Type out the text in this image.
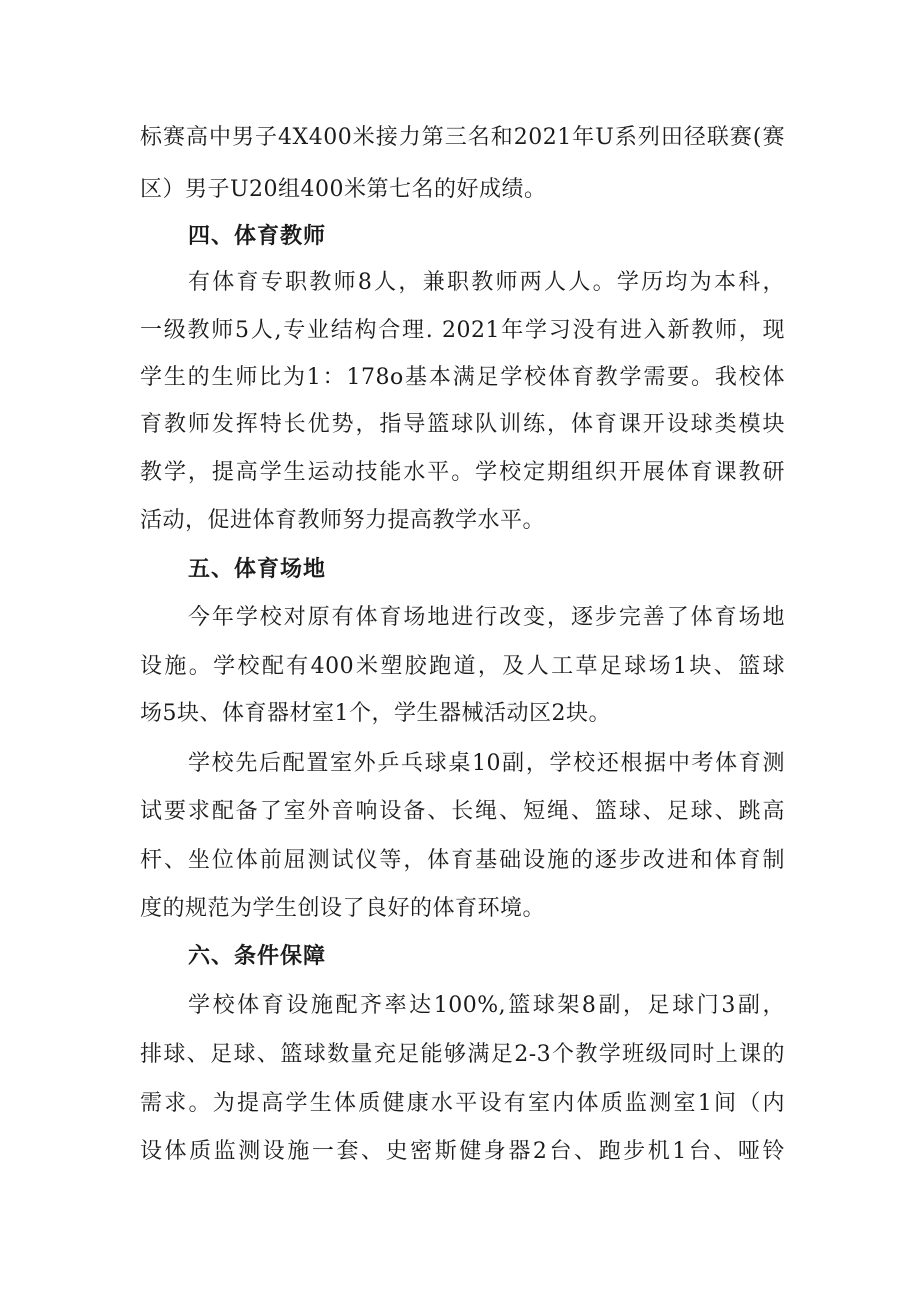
标赛高中男子4X400米接力第三名和2021年U系列田径联赛(赛
区）男子U20组400米第七名的好成绩。
四、体育教师
有体育专职教师8人，兼职教师两人人。学历均为本科，
一级教师5人,专业结构合理. 2021年学习没有进入新教师，现
学生的生师比为1：178o基本满足学校体育教学需要。我校体
育教师发挥特长优势，指导篮球队训练，体育课开设球类模块
教学，提高学生运动技能水平。学校定期组织开展体育课教研
活动，促进体育教师努力提高教学水平。
五、体育场地
今年学校对原有体育场地进行改变，逐步完善了体育场地
设施。学校配有400米塑胶跑道，及人工草足球场1块、篮球
场5块、体育器材室1个，学生器械活动区2块。
学校先后配置室外乒乓球桌10副，学校还根据中考体育测
试要求配备了室外音响设备、长绳、短绳、篮球、足球、跳高
杆、坐位体前屈测试仪等，体育基础设施的逐步改进和体育制
度的规范为学生创设了良好的体育环境。
六、条件保障
学校体育设施配齐率达100%,篮球架8副，足球门3副，
排球、足球、篮球数量充足能够满足2-3个教学班级同时上课的
需求。为提高学生体质健康水平设有室内体质监测室1间（内
设体质监测设施一套、史密斯健身器2台、跑步机1台、哑铃
